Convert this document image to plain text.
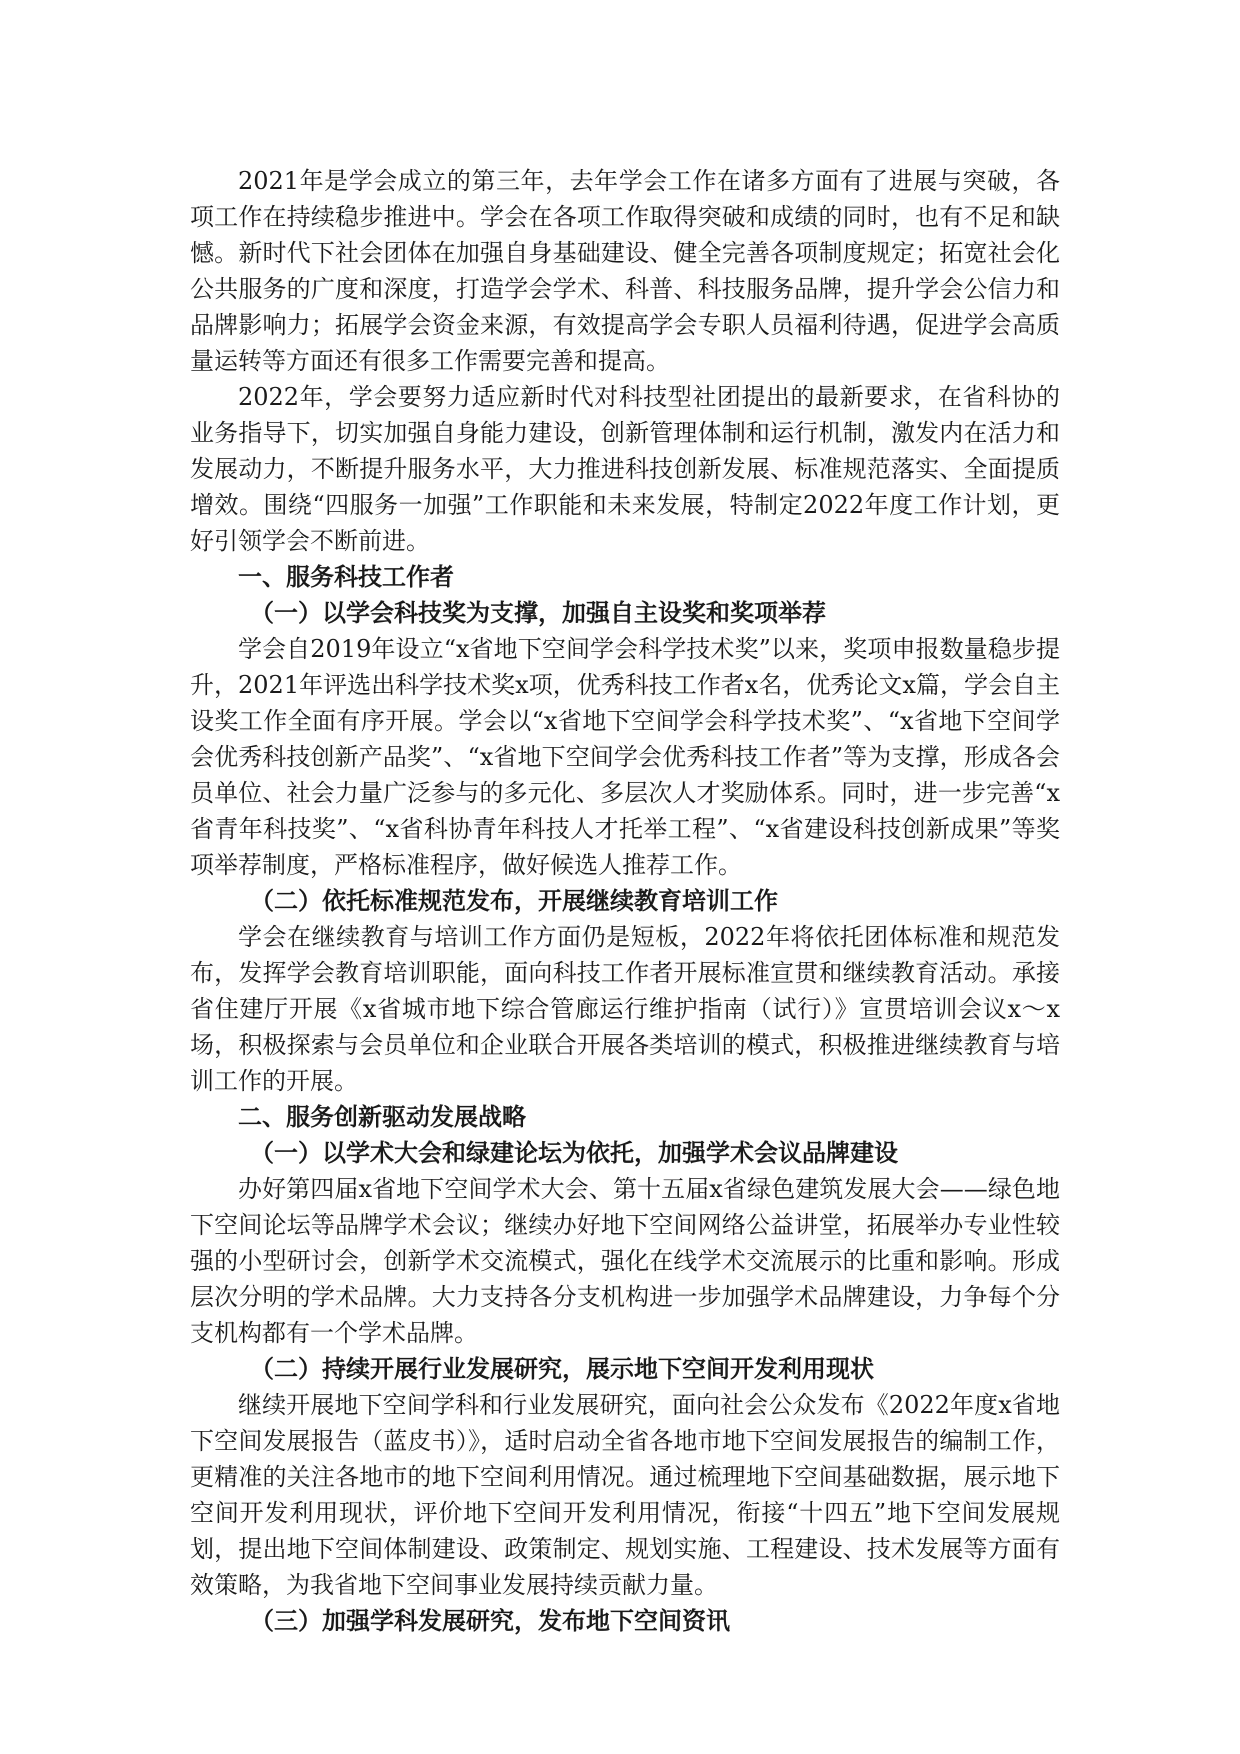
2021年是学会成立的第三年，去年学会工作在诸多方面有了进展与突破，各项工作在持续稳步推进中。学会在各项工作取得突破和成绩的同时，也有不足和缺憾。新时代下社会团体在加强自身基础建设、健全完善各项制度规定；拓宽社会化公共服务的广度和深度，打造学会学术、科普、科技服务品牌，提升学会公信力和品牌影响力；拓展学会资金来源，有效提高学会专职人员福利待遇，促进学会高质量运转等方面还有很多工作需要完善和提高。

2022年，学会要努力适应新时代对科技型社团提出的最新要求，在省科协的业务指导下，切实加强自身能力建设，创新管理体制和运行机制，激发内在活力和发展动力，不断提升服务水平，大力推进科技创新发展、标准规范落实、全面提质增效。围绕“四服务一加强”工作职能和未来发展，特制定2022年度工作计划，更好引领学会不断前进。

一、服务科技工作者
（一）以学会科技奖为支撑，加强自主设奖和奖项举荐

学会自2019年设立“x省地下空间学会科学技术奖”以来，奖项申报数量稳步提升，2021年评选出科学技术奖x项，优秀科技工作者x名，优秀论文x篇，学会自主设奖工作全面有序开展。学会以“x省地下空间学会科学技术奖”、“x省地下空间学会优秀科技创新产品奖”、“x省地下空间学会优秀科技工作者”等为支撑，形成各会员单位、社会力量广泛参与的多元化、多层次人才奖励体系。同时，进一步完善“x省青年科技奖”、“x省科协青年科技人才托举工程”、“x省建设科技创新成果”等奖项举荐制度，严格标准程序，做好候选人推荐工作。

（二）依托标准规范发布，开展继续教育培训工作

学会在继续教育与培训工作方面仍是短板，2022年将依托团体标准和规范发布，发挥学会教育培训职能，面向科技工作者开展标准宣贯和继续教育活动。承接省住建厅开展《x省城市地下综合管廊运行维护指南（试行）》宣贯培训会议x～x场，积极探索与会员单位和企业联合开展各类培训的模式，积极推进继续教育与培训工作的开展。

二、服务创新驱动发展战略
（一）以学术大会和绿建论坛为依托，加强学术会议品牌建设

办好第四届x省地下空间学术大会、第十五届x省绿色建筑发展大会——绿色地下空间论坛等品牌学术会议；继续办好地下空间网络公益讲堂，拓展举办专业性较强的小型研讨会，创新学术交流模式，强化在线学术交流展示的比重和影响。形成层次分明的学术品牌。大力支持各分支机构进一步加强学术品牌建设，力争每个分支机构都有一个学术品牌。

（二）持续开展行业发展研究，展示地下空间开发利用现状

继续开展地下空间学科和行业发展研究，面向社会公众发布《2022年度x省地下空间发展报告（蓝皮书）》，适时启动全省各地市地下空间发展报告的编制工作，更精准的关注各地市的地下空间利用情况。通过梳理地下空间基础数据，展示地下空间开发利用现状，评价地下空间开发利用情况，衔接“十四五”地下空间发展规划，提出地下空间体制建设、政策制定、规划实施、工程建设、技术发展等方面有效策略，为我省地下空间事业发展持续贡献力量。

（三）加强学科发展研究，发布地下空间资讯
